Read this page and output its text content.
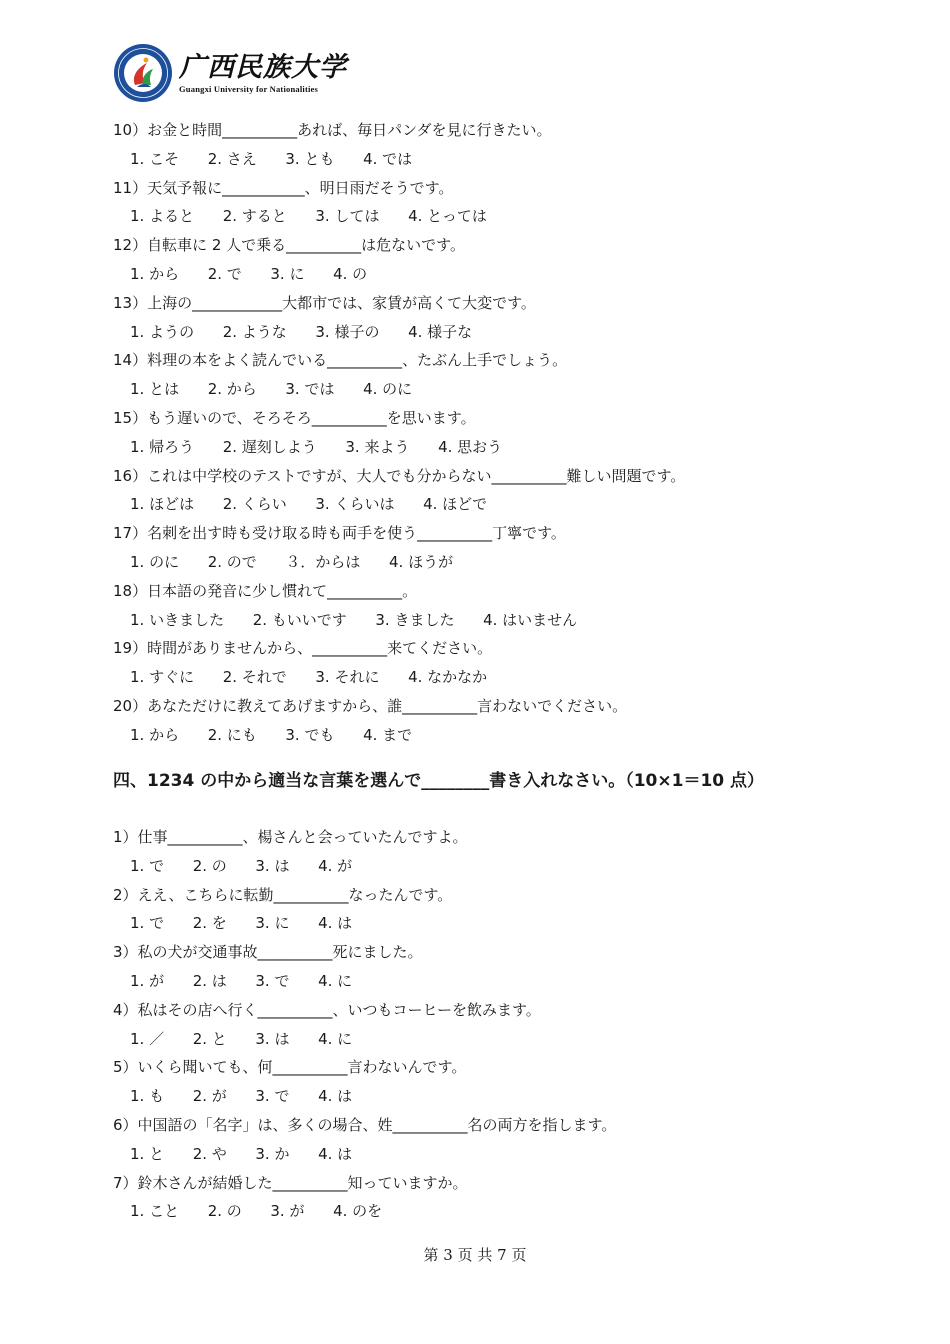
广西民族大学
Guangxi University for Nationalities
10）お金と時間__________あれば、毎日パンダを見に行きたい。
1. こそ      2. さえ      3. とも      4. では
11）天気予報に___________、明日雨だそうです。
1. よると      2. すると      3. しては      4. とっては
12）自転車に 2 人で乗る__________は危ないです。
1. から      2. で      3. に      4. の
13）上海の____________大都市では、家賃が高くて大変です。
1. ようの      2. ような      3. 様子の      4. 様子な
14）料理の本をよく読んでいる__________、たぶん上手でしょう。
1. とは      2. から      3. では      4. のに
15）もう遅いので、そろそろ__________を思います。
1. 帰ろう      2. 遅刻しよう      3. 来よう      4. 思おう
16）これは中学校のテストですが、大人でも分からない__________難しい問題です。
1. ほどは      2. くらい      3. くらいは      4. ほどで
17）名刺を出す時も受け取る時も両手を使う__________丁寧です。
1. のに      2. ので      ３．からは      4. ほうが
18）日本語の発音に少し慣れて__________。
1. いきました      2. もいいです      3. きました      4. はいません
19）時間がありませんから、__________来てください。
1. すぐに      2. それで      3. それに      4. なかなか
20）あなただけに教えてあげますから、誰__________言わないでください。
1. から      2. にも      3. でも      4. まで
四、1234 の中から適当な言葉を選んで________書き入れなさい。（10×1＝10 点）
1）仕事__________、楊さんと会っていたんですよ。
1. で      2. の      3. は      4. が
2）ええ、こちらに転勤__________なったんです。
1. で      2. を      3. に      4. は
3）私の犬が交通事故__________死にました。
1. が      2. は      3. で      4. に
4）私はその店へ行く__________、いつもコーヒーを飲みます。
1. ／      2. と      3. は      4. に
5）いくら聞いても、何__________言わないんです。
1. も      2. が      3. で      4. は
6）中国語の「名字」は、多くの場合、姓__________名の両方を指します。
1. と      2. や      3. か      4. は
7）鈴木さんが結婚した__________知っていますか。
1. こと      2. の      3. が      4. のを
第 3 页 共 7 页
